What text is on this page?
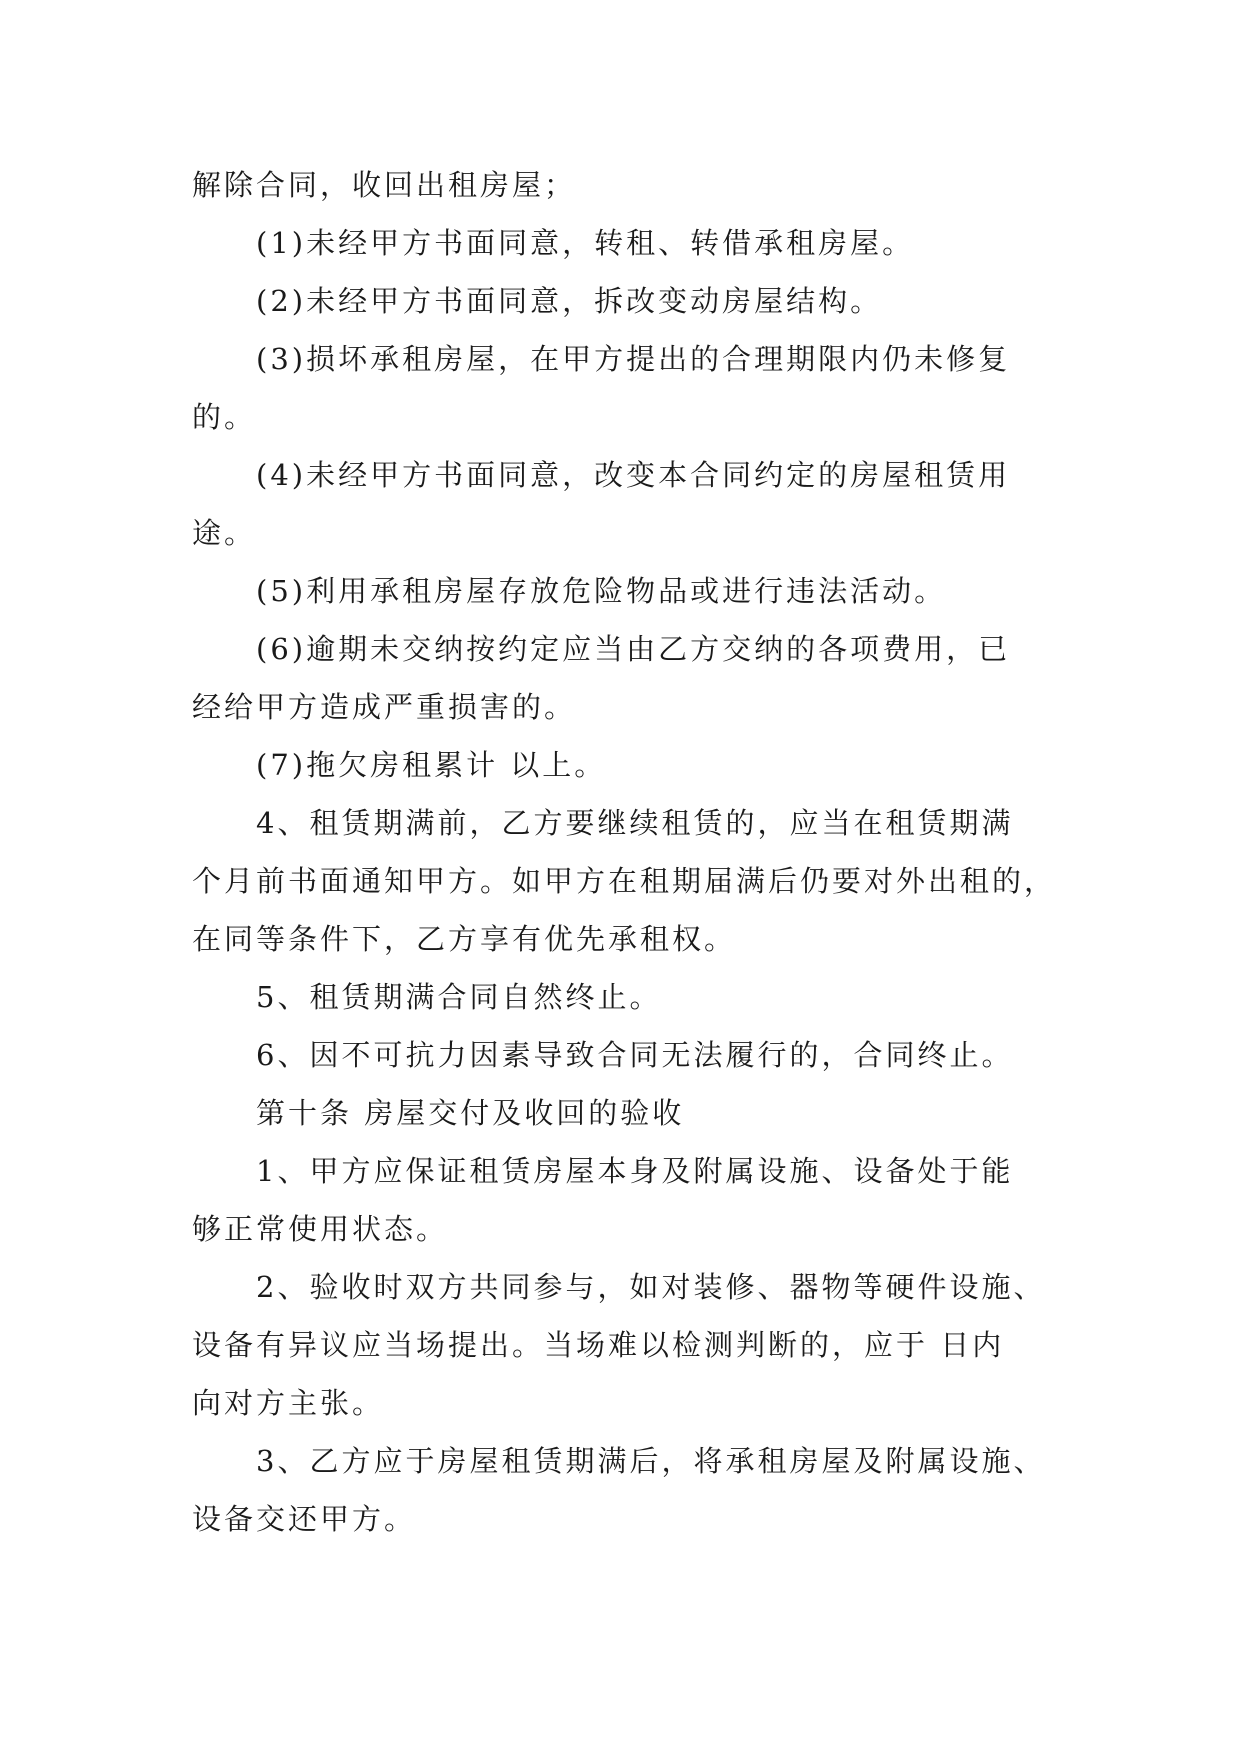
解除合同，收回出租房屋；
(1)未经甲方书面同意，转租、转借承租房屋。
(2)未经甲方书面同意，拆改变动房屋结构。
(3)损坏承租房屋，在甲方提出的合理期限内仍未修复
的。
(4)未经甲方书面同意，改变本合同约定的房屋租赁用
途。
(5)利用承租房屋存放危险物品或进行违法活动。
(6)逾期未交纳按约定应当由乙方交纳的各项费用，已
经给甲方造成严重损害的。
(7)拖欠房租累计 以上。
4、租赁期满前，乙方要继续租赁的，应当在租赁期满
个月前书面通知甲方。如甲方在租期届满后仍要对外出租的，
在同等条件下，乙方享有优先承租权。
5、租赁期满合同自然终止。
6、因不可抗力因素导致合同无法履行的，合同终止。
第十条 房屋交付及收回的验收
1、甲方应保证租赁房屋本身及附属设施、设备处于能
够正常使用状态。
2、验收时双方共同参与，如对装修、器物等硬件设施、
设备有异议应当场提出。当场难以检测判断的，应于 日内
向对方主张。
3、乙方应于房屋租赁期满后，将承租房屋及附属设施、
设备交还甲方。
